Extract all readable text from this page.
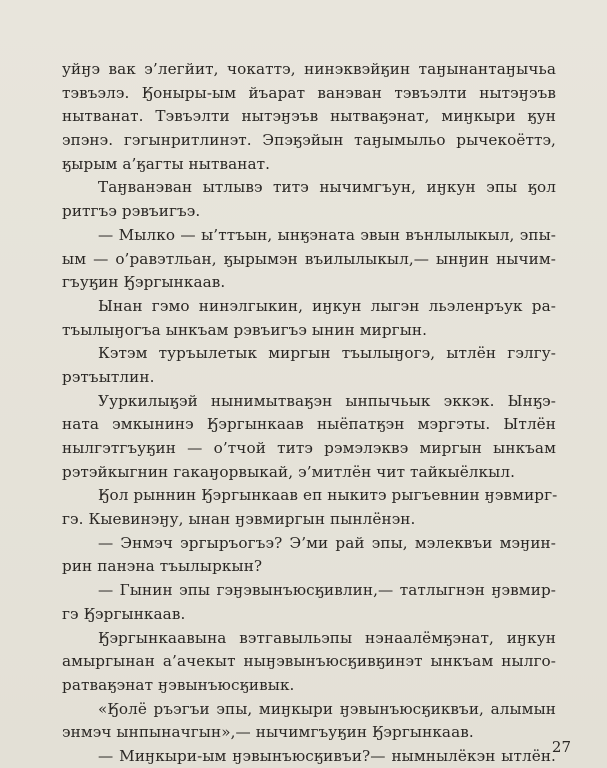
уйӈэ вак э’легйит, чокаттэ, нинэквэйӄин таӈынантаӈычьа
тэвъэлэ. Ӄоныры-ым йъарат ванэван тэвъэлти нытэӈэъв
нытванат. Тэвъэлти нытэӈэъв нытваӄэнат, миӈкыри ӄун
эпэнэ. гэгынритлинэт. Эпэӄэйын таӈымыльо рычекоёттэ,
ӄырым а’ӄагты нытванат.
Таӈванэван ытлывэ титэ нычимгъун, иӈкун эпы ӄол
ритгъэ рэвъигъэ.
— Мылко — ы’ттъын, ынӄэната эвын вънлылыкыл, эпы-
ым — о’равэтльан, ӄырымэн въилылыкыл,— ынӈин нычим-
гъуӄин Ӄэргынкаав.
Ынан гэмо нинэлгыкин, иӈкун лыгэн льэленръук ра-
тъылыӈогъа ынкъам рэвъигъэ ынин миргын.
Кэтэм туръылетык миргын тъылыӈогэ, ытлён гэлгу-
рэтъытлин.
Ууркилыӄэй нынимытваӄэн ынпычьык эккэк. Ынӄэ-
ната эмкынинэ Ӄэргынкаав ныёпатӄэн мэргэты. Ытлён
нылгэтгъуӄин — о’тчой титэ рэмэлэквэ миргын ынкъам
рэтэйкыгнин гакаӈорвыкай, э’митлён чит тайкыёлкыл.
Ӄол рыннин Ӄэргынкаав еп ныкитэ рыгъевнин ӈэвмирг-
гэ. Кыевинэӈу, ынан ӈэвмиргын пынлёнэн.
— Энмэч эргыръогъэ? Э’ми рай эпы, мэлеквъи мэӈин-
рин панэна тъылыркын?
— Гынин эпы гэӈэвынъюсӄивлин,— татлыгнэн ӈэвмир-
гэ Ӄэргынкаав.
Ӄэргынкаавына вэтгавыльэпы нэнаалёмӄэнат, иӈкун
амыргынан а’ачекыт ныӈэвынъюсӄивӄинэт ынкъам нылго-
ратваӄэнат ӈэвынъюсӄивык.
«Ӄолё ръэгъи эпы, миӈкыри ӈэвынъюсӄиквъи, алымын
энмэч ынпыначгын»,— нычимгъуӄин Ӄэргынкаав.
— Миӈкыри-ым ӈэвынъюсӄивъи?— нымнылёкэн ытлён.
27
